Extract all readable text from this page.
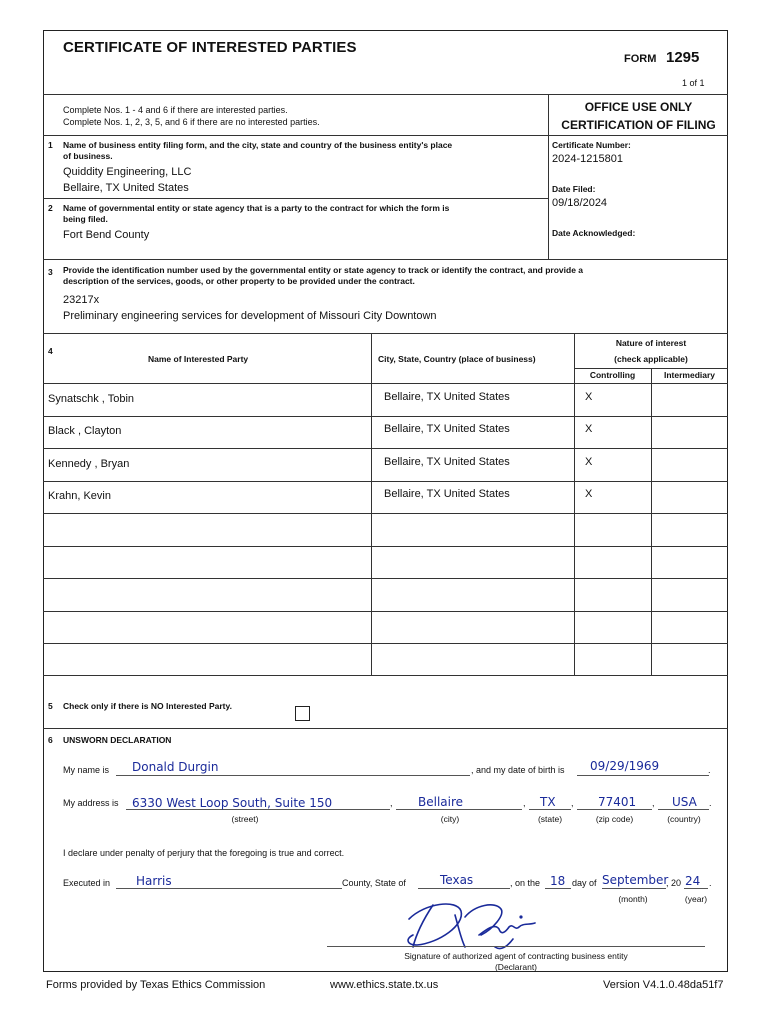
CERTIFICATE OF INTERESTED PARTIES
FORM 1295
1 of 1
Complete Nos. 1 - 4 and 6 if there are interested parties.
Complete Nos. 1, 2, 3, 5, and 6 if there are no interested parties.
OFFICE USE ONLY
CERTIFICATION OF FILING
Certificate Number:
2024-1215801
Date Filed:
09/18/2024
Date Acknowledged:
1 Name of business entity filing form, and the city, state and country of the business entity's place
of business.
Quiddity Engineering, LLC
Bellaire, TX United States
2 Name of governmental entity or state agency that is a party to the contract for which the form is
being filed.
Fort Bend County
3 Provide the identification number used by the governmental entity or state agency to track or identify the contract, and provide a
description of the services, goods, or other property to be provided under the contract.
23217x
Preliminary engineering services for development of Missouri City Downtown
4
Name of Interested Party	City, State, Country (place of business)
Nature of interest
(check applicable)
Controlling	Intermediary
Synatschk , Tobin	Bellaire, TX United States	X
Black , Clayton	Bellaire, TX United States	X
Kennedy , Bryan	Bellaire, TX United States	X
Krahn, Kevin	Bellaire, TX United States	X
5 Check only if there is NO Interested Party.
6 UNSWORN DECLARATION
My name is Donald Durgin	, and my date of birth is 09/29/1969	.
My address is 6330 West Loop South, Suite 150	, Bellaire	, TX , 77401 , USA .
(street)	(city)	(state)	(zip code)	(country)
I declare under penalty of perjury that the foregoing is true and correct.
Executed in Harris	County, State of	Texas	, on the 18 day of September
, 20 24 .
(month)	(year)
Signature of authorized agent of contracting business entity
(Declarant)
Forms provided by Texas Ethics Commission	www.ethics.state.tx.us	Version V4.1.0.48da51f7
